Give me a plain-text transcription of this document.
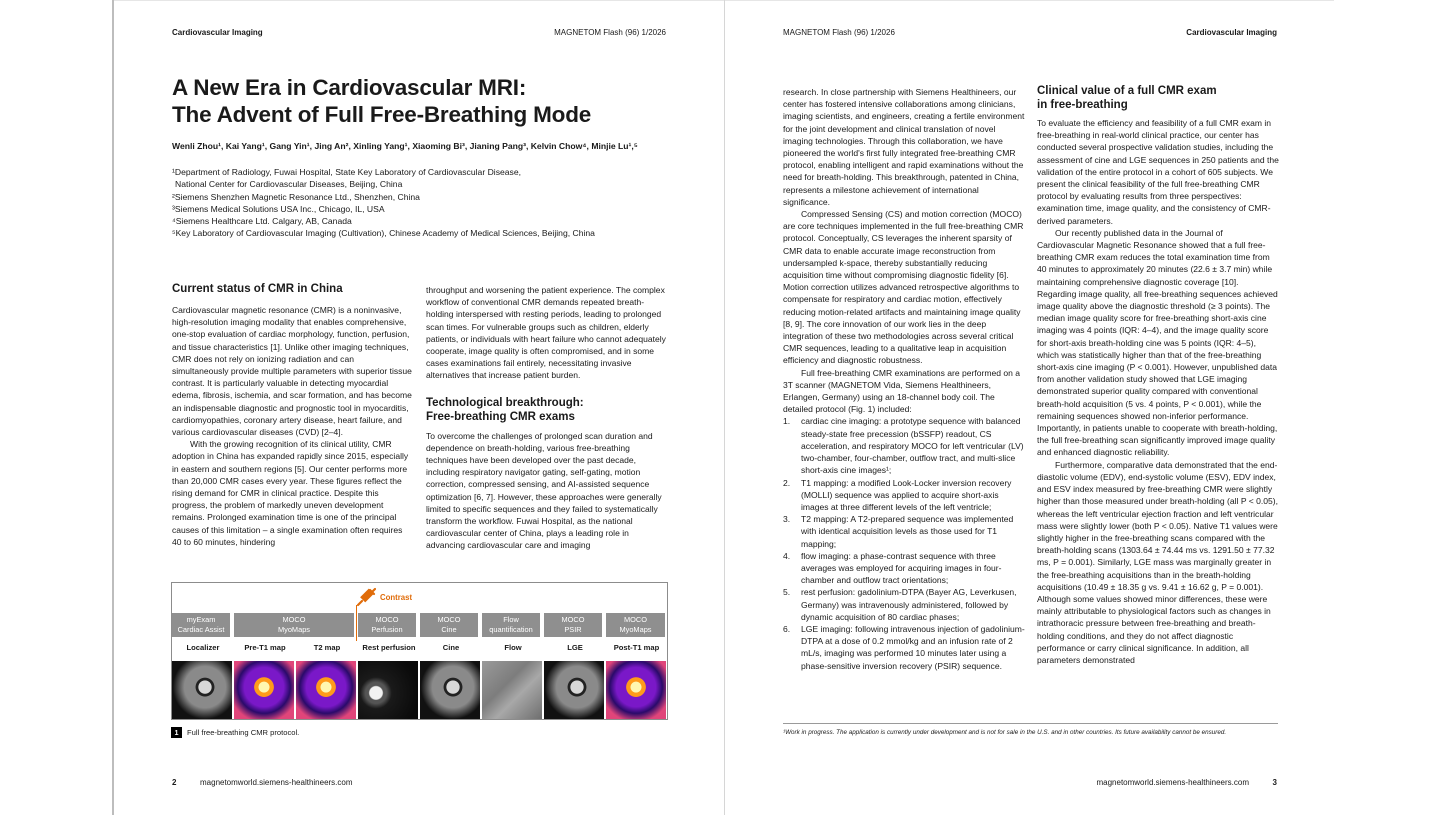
Cardiovascular Imaging	MAGNETOM Flash (96) 1/2026
A New Era in Cardiovascular MRI:
The Advent of Full Free-Breathing Mode
Wenli Zhou¹, Kai Yang¹, Gang Yin¹, Jing An², Xinling Yang¹, Xiaoming Bi³, Jianing Pang³, Kelvin Chow⁴, Minjie Lu¹,⁵
¹Department of Radiology, Fuwai Hospital, State Key Laboratory of Cardiovascular Disease,
National Center for Cardiovascular Diseases, Beijing, China
²Siemens Shenzhen Magnetic Resonance Ltd., Shenzhen, China
³Siemens Medical Solutions USA Inc., Chicago, IL, USA
⁴Siemens Healthcare Ltd. Calgary, AB, Canada
⁵Key Laboratory of Cardiovascular Imaging (Cultivation), Chinese Academy of Medical Sciences, Beijing, China
Current status of CMR in China

Cardiovascular magnetic resonance (CMR) is a noninvasive, high-resolution imaging modality that enables comprehensive, one-stop evaluation of cardiac morphology, function, perfusion, and tissue characteristics [1]. Unlike other imaging techniques, CMR does not rely on ionizing radiation and can simultaneously provide multiple parameters with superior tissue contrast. It is particularly valuable in detecting myocardial edema, fibrosis, ischemia, and scar formation, and has become an indispensable diagnostic and prognostic tool in myocarditis, cardiomyopathies, coronary artery disease, heart failure, and various cardiovascular diseases (CVD) [2–4].

With the growing recognition of its clinical utility, CMR adoption in China has expanded rapidly since 2015, especially in eastern and southern regions [5]. Our center performs more than 20,000 CMR cases every year. These figures reflect the rising demand for CMR in clinical practice. Despite this progress, the problem of markedly uneven development remains. Prolonged examination time is one of the principal causes of this limitation – a single examination often requires 40 to 60 minutes, hindering

throughput and worsening the patient experience. The complex workflow of conventional CMR demands repeated breath-holding interspersed with resting periods, leading to prolonged scan times. For vulnerable groups such as children, elderly patients, or individuals with heart failure who cannot adequately cooperate, image quality is often compromised, and in some cases examinations fail entirely, necessitating invasive alternatives that increase patient burden.

Technological breakthrough:
Free-breathing CMR exams

To overcome the challenges of prolonged scan duration and dependence on breath-holding, various free-breathing techniques have been developed over the past decade, including respiratory navigator gating, self-gating, motion correction, compressed sensing, and AI-assisted sequence optimization [6, 7]. However, these approaches were generally limited to specific sequences and they failed to systematically transform the workflow. Fuwai Hospital, as the national cardiovascular center of China, plays a leading role in advancing cardiovascular care and imaging

Contrast
myExam
Cardiac Assist
MOCO
MyoMaps
MOCO
Perfusion
MOCO
Cine
Flow
quantification
MOCO
PSIR
MOCO
MyoMaps
Localizer	Pre-T1 map	T2 map	Rest perfusion	Cine	Flow	LGE	Post-T1 map
1	Full free-breathing CMR protocol.
2	magnetomworld.siemens-healthineers.com
MAGNETOM Flash (96) 1/2026	Cardiovascular Imaging

research. In close partnership with Siemens Healthineers, our center has fostered intensive collaborations among clinicians, imaging scientists, and engineers, creating a fertile environment for the joint development and clinical translation of novel imaging technologies. Through this collaboration, we have pioneered the world's first fully integrated free-breathing CMR protocol, enabling intelligent and rapid examinations without the need for breath-holding. This breakthrough, patented in China, represents a milestone achievement of international significance.

Compressed Sensing (CS) and motion correction (MOCO) are core techniques implemented in the full free-breathing CMR protocol. Conceptually, CS leverages the inherent sparsity of CMR data to enable accurate image reconstruction from undersampled k-space, thereby substantially reducing acquisition time without compromising diagnostic fidelity [6]. Motion correction utilizes advanced retrospective algorithms to compensate for respiratory and cardiac motion, effectively reducing motion-related artifacts and maintaining image quality [8, 9]. The core innovation of our work lies in the deep integration of these two methodologies across several critical CMR sequences, leading to a qualitative leap in acquisition efficiency and diagnostic robustness.

Full free-breathing CMR examinations are performed on a 3T scanner (MAGNETOM Vida, Siemens Healthineers, Erlangen, Germany) using an 18-channel body coil. The detailed protocol (Fig. 1) included:

1. cardiac cine imaging: a prototype sequence with balanced steady-state free precession (bSSFP) readout, CS acceleration, and respiratory MOCO for left ventricular (LV) two-chamber, four-chamber, outflow tract, and multi-slice short-axis cine images¹;
2. T1 mapping: a modified Look-Locker inversion recovery (MOLLI) sequence was applied to acquire short-axis images at three different levels of the left ventricle;
3. T2 mapping: A T2-prepared sequence was implemented with identical acquisition levels as those used for T1 mapping;
4. flow imaging: a phase-contrast sequence with three averages was employed for acquiring images in four-chamber and outflow tract orientations;
5. rest perfusion: gadolinium-DTPA (Bayer AG, Leverkusen, Germany) was intravenously administered, followed by dynamic acquisition of 80 cardiac phases;
6. LGE imaging: following intravenous injection of gadolinium-DTPA at a dose of 0.2 mmol/kg and an infusion rate of 2 mL/s, imaging was performed 10 minutes later using a phase-sensitive inversion recovery (PSIR) sequence.
Clinical value of a full CMR exam
in free-breathing

To evaluate the efficiency and feasibility of a full CMR exam in free-breathing in real-world clinical practice, our center has conducted several prospective validation studies, including the assessment of cine and LGE sequences in 250 patients and the validation of the entire protocol in a cohort of 605 subjects. We present the clinical feasibility of the full free-breathing CMR protocol by evaluating results from three perspectives: examination time, image quality, and the consistency of CMR-derived parameters.

Our recently published data in the Journal of Cardiovascular Magnetic Resonance showed that a full free-breathing CMR exam reduces the total examination time from 40 minutes to approximately 20 minutes (22.6 ± 3.7 min) while maintaining comprehensive diagnostic coverage [10]. Regarding image quality, all free-breathing sequences achieved image quality above the diagnostic threshold (≥ 3 points). The median image quality score for free-breathing short-axis cine imaging was 4 points (IQR: 4–4), and the image quality score for short-axis breath-holding cine was 5 points (IQR: 4–5), which was statistically higher than that of the free-breathing short-axis cine imaging (P < 0.001). However, unpublished data from another validation study showed that LGE imaging demonstrated superior quality compared with conventional breath-hold acquisition (5 vs. 4 points, P < 0.001), while the remaining sequences showed non-inferior performance. Importantly, in patients unable to cooperate with breath-holding, the full free-breathing scan significantly improved image quality and enhanced diagnostic reliability.

Furthermore, comparative data demonstrated that the end-diastolic volume (EDV), end-systolic volume (ESV), EDV index, and ESV index measured by free-breathing CMR were slightly higher than those measured under breath-holding (all P < 0.05), whereas the left ventricular ejection fraction and left ventricular mass were slightly lower (both P < 0.05). Native T1 values were slightly higher in the free-breathing scans compared with the breath-holding scans (1303.64 ± 74.44 ms vs. 1291.50 ± 77.32 ms, P = 0.001). Similarly, LGE mass was marginally greater in the free-breathing acquisitions than in the breath-holding acquisitions (10.49 ± 18.35 g vs. 9.41 ± 16.62 g, P = 0.001). Although some values showed minor differences, these were mainly attributable to physiological factors such as changes in intrathoracic pressure between free-breathing and breath-holding conditions, and they do not affect diagnostic performance or carry clinical significance. In addition, all parameters demonstrated

¹Work in progress. The application is currently under development and is not for sale in the U.S. and in other countries. Its future availability cannot be ensured.
magnetomworld.siemens-healthineers.com	3
